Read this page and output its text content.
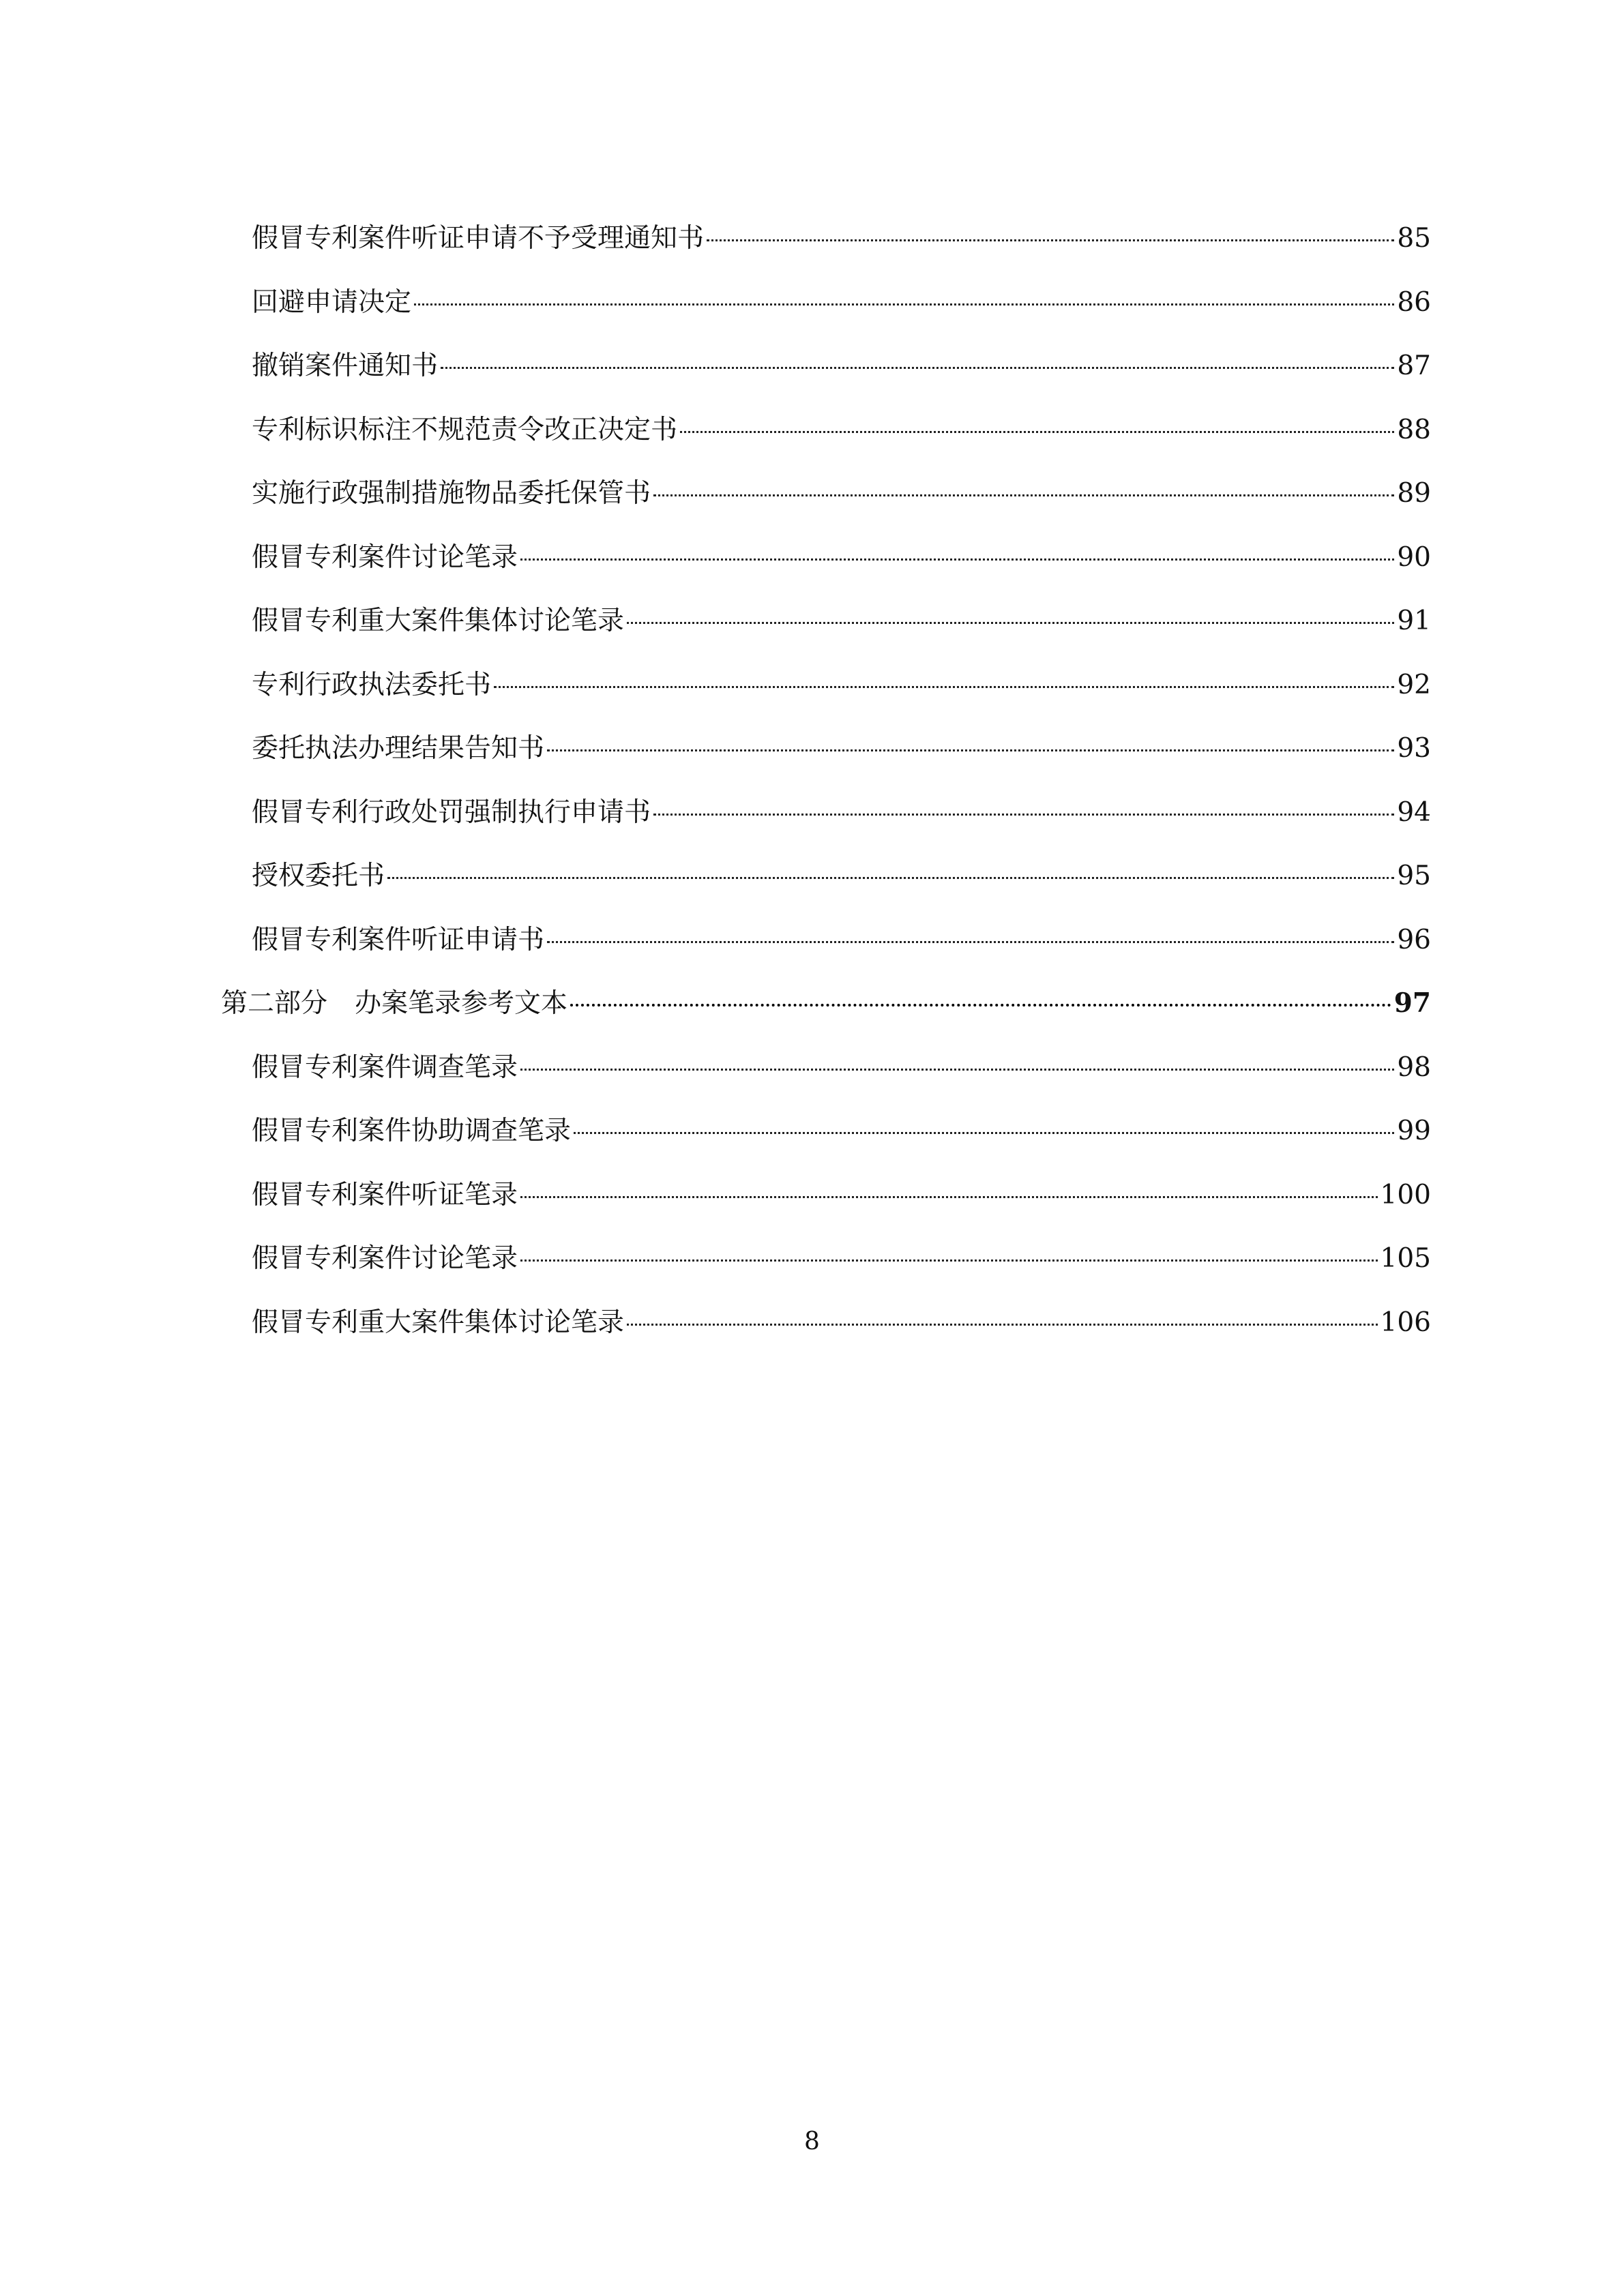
假冒专利案件听证申请不予受理通知书	85
回避申请决定	86
撤销案件通知书	87
专利标识标注不规范责令改正决定书	88
实施行政强制措施物品委托保管书	89
假冒专利案件讨论笔录	90
假冒专利重大案件集体讨论笔录	91
专利行政执法委托书	92
委托执法办理结果告知书	93
假冒专利行政处罚强制执行申请书	94
授权委托书	95
假冒专利案件听证申请书	96
第二部分 办案笔录参考文本	97
假冒专利案件调查笔录	98
假冒专利案件协助调查笔录	99
假冒专利案件听证笔录	100
假冒专利案件讨论笔录	105
假冒专利重大案件集体讨论笔录	106
8
